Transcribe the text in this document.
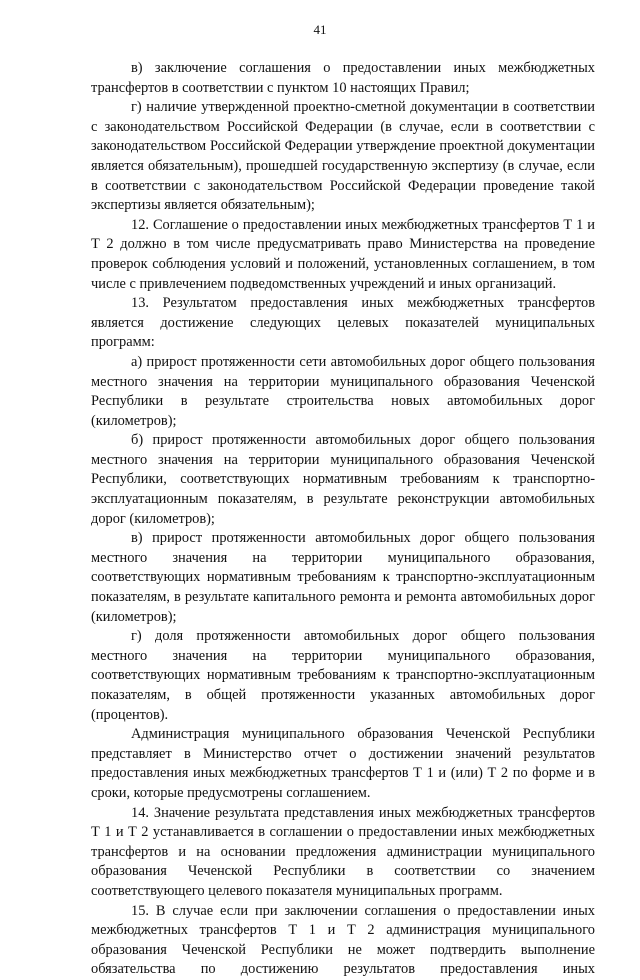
41

в) заключение соглашения о предоставлении иных межбюджетных трансфертов в соответствии с пунктом 10 настоящих Правил;

г) наличие утвержденной проектно-сметной документации в соответствии с законодательством Российской Федерации (в случае, если в соответствии с законодательством Российской Федерации утверждение проектной документации является обязательным), прошедшей государственную экспертизу (в случае, если в соответствии с законодательством Российской Федерации проведение такой экспертизы является обязательным);

12. Соглашение о предоставлении иных межбюджетных трансфертов Т 1 и Т 2 должно в том числе предусматривать право Министерства на проведение проверок соблюдения условий и положений, установленных соглашением, в том числе с привлечением подведомственных учреждений и иных организаций.

13. Результатом предоставления иных межбюджетных трансфертов является достижение следующих целевых показателей муниципальных программ:

а) прирост протяженности сети автомобильных дорог общего пользования местного значения на территории муниципального образования Чеченской Республики в результате строительства новых автомобильных дорог (километров);

б) прирост протяженности автомобильных дорог общего пользования местного значения на территории муниципального образования Чеченской Республики, соответствующих нормативным требованиям к транспортно-эксплуатационным показателям, в результате реконструкции автомобильных дорог (километров);

в) прирост протяженности автомобильных дорог общего пользования местного значения на территории муниципального образования, соответствующих нормативным требованиям к транспортно-эксплуатационным показателям, в результате капитального ремонта и ремонта автомобильных дорог (километров);

г) доля протяженности автомобильных дорог общего пользования местного значения на территории муниципального образования, соответствующих нормативным требованиям к транспортно-эксплуатационным показателям, в общей протяженности указанных автомобильных дорог (процентов).

Администрация муниципального образования Чеченской Республики представляет в Министерство отчет о достижении значений результатов предоставления иных межбюджетных трансфертов Т 1 и (или) Т 2 по форме и в сроки, которые предусмотрены соглашением.

14. Значение результата представления иных межбюджетных трансфертов Т 1 и Т 2 устанавливается в соглашении о предоставлении иных межбюджетных трансфертов и на основании предложения администрации муниципального образования Чеченской Республики в соответствии со значением соответствующего целевого показателя муниципальных программ.

15. В случае если при заключении соглашения о предоставлении иных межбюджетных трансфертов Т 1 и Т 2 администрация муниципального образования Чеченской Республики не может подтвердить выполнение обязательства по достижению результатов предоставления иных
